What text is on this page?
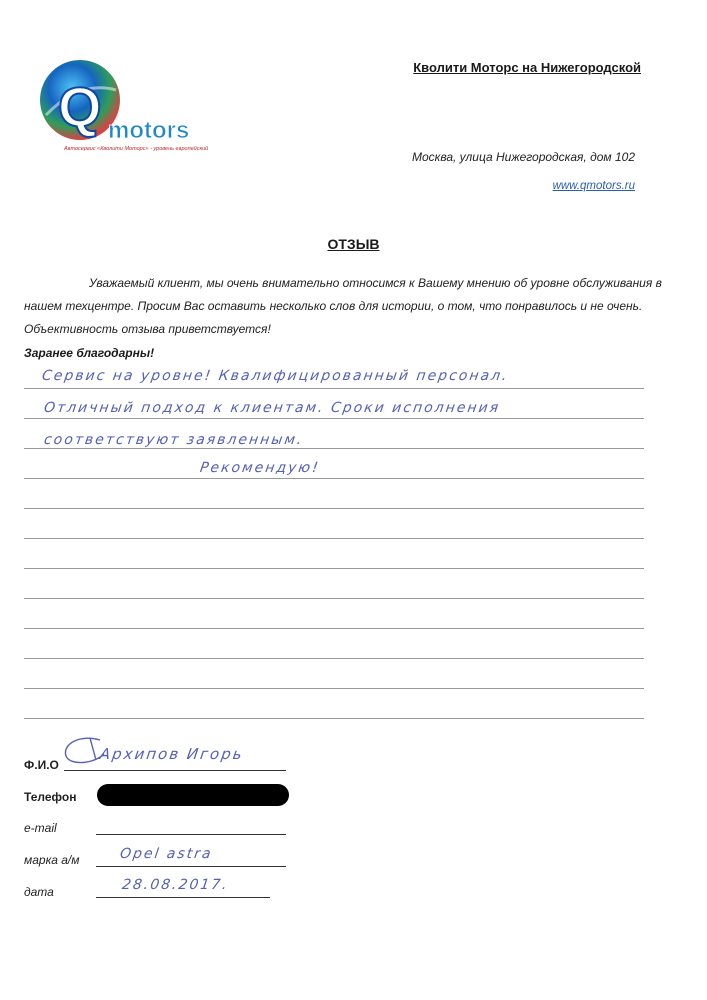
Q motors
Автосервис «Кволити Моторс» - уровень европейский
Кволити Моторс на Нижегородской
Москва, улица Нижегородская, дом 102
www.qmotors.ru
ОТЗЫВ
Уважаемый клиент, мы очень внимательно относимся к Вашему мнению об уровне обслуживания в нашем техцентре. Просим Вас оставить несколько слов для истории, о том, что понравилось и не очень. Объективность отзыва приветствуется!
Заранее благодарны!
Сервис на уровне! Квалифицированный персонал.
Отличный подход к клиентам. Сроки исполнения
соответствуют заявленным.
Рекомендую!
Ф.И.О
Архипов Игорь
Телефон
e-mail
марка а/м	Opel astra
дата	28.08.2017.
